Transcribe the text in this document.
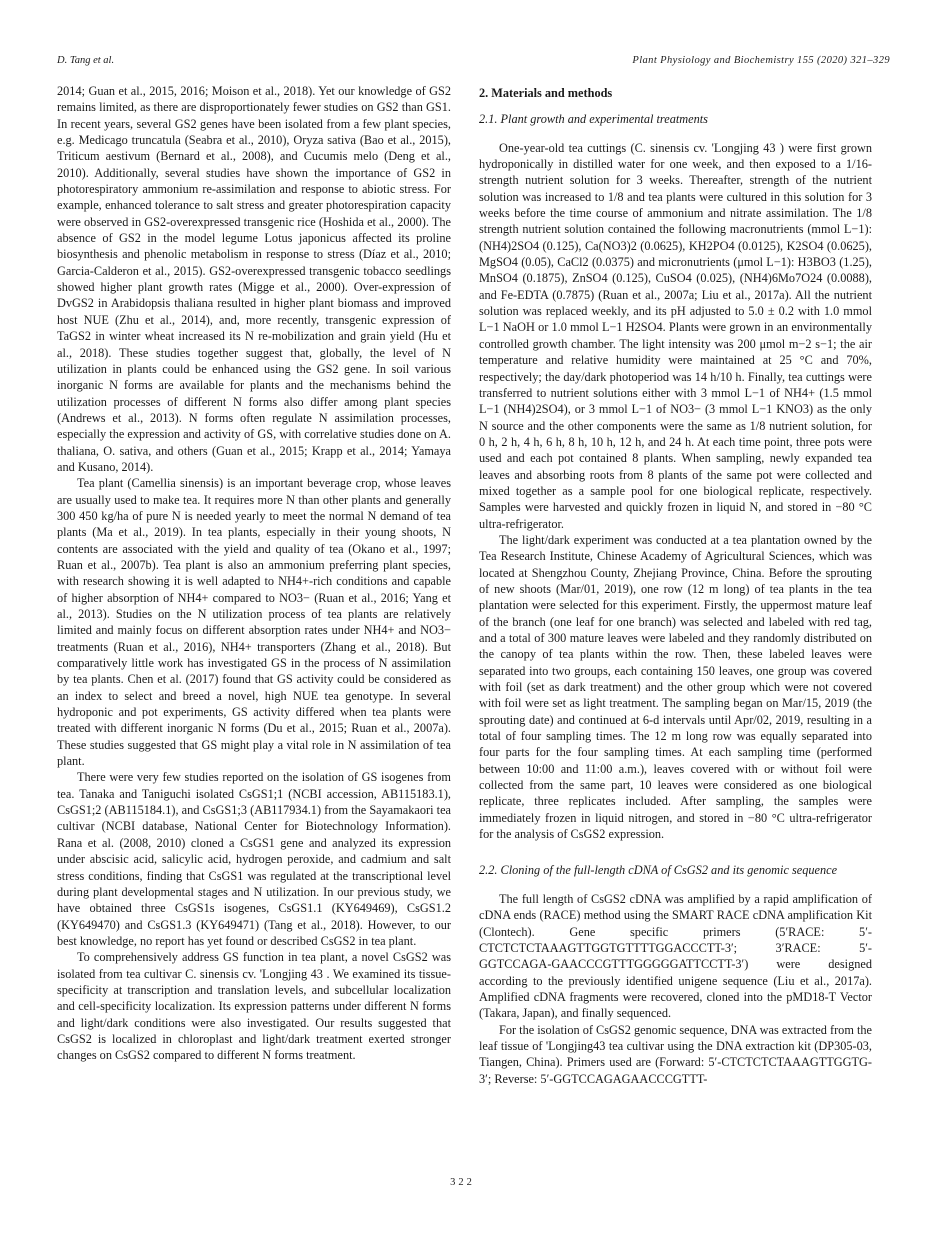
D. Tang et al.	Plant Physiology and Biochemistry 155 (2020) 321–329

2014; Guan et al., 2015, 2016; Moison et al., 2018). Yet our knowledge of GS2 remains limited, as there are disproportionately fewer studies on GS2 than GS1. In recent years, several GS2 genes have been isolated from a few plant species, e.g. Medicago truncatula (Seabra et al., 2010), Oryza sativa (Bao et al., 2015), Triticum aestivum (Bernard et al., 2008), and Cucumis melo (Deng et al., 2010). Additionally, several studies have shown the importance of GS2 in photorespiratory ammonium re-assimilation and response to abiotic stress. For example, enhanced tolerance to salt stress and greater photorespiration capacity were observed in GS2-overexpressed transgenic rice (Hoshida et al., 2000). The absence of GS2 in the model legume Lotus japonicus affected its proline biosynthesis and phenolic metabolism in response to stress (Díaz et al., 2010; Garcia-Calderon et al., 2015). GS2-overexpressed transgenic tobacco seedlings showed higher plant growth rates (Migge et al., 2000). Over-expression of DvGS2 in Arabidopsis thaliana resulted in higher plant biomass and improved host NUE (Zhu et al., 2014), and, more recently, transgenic expression of TaGS2 in winter wheat increased its N re-mobilization and grain yield (Hu et al., 2018). These studies together suggest that, globally, the level of N utilization in plants could be enhanced using the GS2 gene. In soil various inorganic N forms are available for plants and the mechanisms behind the utilization processes of different N forms also differ among plant species (Andrews et al., 2013). N forms often regulate N assimilation processes, especially the expression and activity of GS, with correlative studies done on A. thaliana, O. sativa, and others (Guan et al., 2015; Krapp et al., 2014; Yamaya and Kusano, 2014).

Tea plant (Camellia sinensis) is an important beverage crop, whose leaves are usually used to make tea. It requires more N than other plants and generally 300 450 kg/ha of pure N is needed yearly to meet the normal N demand of tea plants (Ma et al., 2019). In tea plants, especially in their young shoots, N contents are associated with the yield and quality of tea (Okano et al., 1997; Ruan et al., 2007b). Tea plant is also an ammonium preferring plant species, with research showing it is well adapted to NH4+-rich conditions and capable of higher absorption of NH4+ compared to NO3− (Ruan et al., 2016; Yang et al., 2013). Studies on the N utilization process of tea plants are relatively limited and mainly focus on different absorption rates under NH4+ and NO3− treatments (Ruan et al., 2016), NH4+ transporters (Zhang et al., 2018). But comparatively little work has investigated GS in the process of N assimilation by tea plants. Chen et al. (2017) found that GS activity could be considered as an index to select and breed a novel, high NUE tea genotype. In several hydroponic and pot experiments, GS activity differed when tea plants were treated with different inorganic N forms (Du et al., 2015; Ruan et al., 2007a). These studies suggested that GS might play a vital role in N assimilation of tea plant.

There were very few studies reported on the isolation of GS isogenes from tea. Tanaka and Taniguchi isolated CsGS1;1 (NCBI accession, AB115183.1), CsGS1;2 (AB115184.1), and CsGS1;3 (AB117934.1) from the Sayamakaori tea cultivar (NCBI database, National Center for Biotechnology Information). Rana et al. (2008, 2010) cloned a CsGS1 gene and analyzed its expression under abscisic acid, salicylic acid, hydrogen peroxide, and cadmium and salt stress conditions, finding that CsGS1 was regulated at the transcriptional level during plant developmental stages and N utilization. In our previous study, we have obtained three CsGS1s isogenes, CsGS1.1 (KY649469), CsGS1.2 (KY649470) and CsGS1.3 (KY649471) (Tang et al., 2018). However, to our best knowledge, no report has yet found or described CsGS2 in tea plant.

To comprehensively address GS function in tea plant, a novel CsGS2 was isolated from tea cultivar C. sinensis cv. 'Longjing 43 . We examined its tissue-specificity at transcription and translation levels, and subcellular localization and cell-specificity localization. Its expression patterns under different N forms and light/dark conditions were also investigated. Our results suggested that CsGS2 is localized in chloroplast and light/dark treatment exerted stronger changes on CsGS2 compared to different N forms treatment.

2. Materials and methods
2.1. Plant growth and experimental treatments

One-year-old tea cuttings (C. sinensis cv. 'Longjing 43 ) were first grown hydroponically in distilled water for one week, and then exposed to a 1/16-strength nutrient solution for 3 weeks. Thereafter, strength of the nutrient solution was increased to 1/8 and tea plants were cultured in this solution for 3 weeks before the time course of ammonium and nitrate assimilation. The 1/8 strength nutrient solution contained the following macronutrients (mmol L−1): (NH4)2SO4 (0.125), Ca(NO3)2 (0.0625), KH2PO4 (0.0125), K2SO4 (0.0625), MgSO4 (0.05), CaCl2 (0.0375) and micronutrients (μmol L−1): H3BO3 (1.25), MnSO4 (0.1875), ZnSO4 (0.125), CuSO4 (0.025), (NH4)6Mo7O24 (0.0088), and Fe-EDTA (0.7875) (Ruan et al., 2007a; Liu et al., 2017a). All the nutrient solution was replaced weekly, and its pH adjusted to 5.0 ± 0.2 with 1.0 mmol L−1 NaOH or 1.0 mmol L−1 H2SO4. Plants were grown in an environmentally controlled growth chamber. The light intensity was 200 μmol m−2 s−1; the air temperature and relative humidity were maintained at 25 °C and 70%, respectively; the day/dark photoperiod was 14 h/10 h. Finally, tea cuttings were transferred to nutrient solutions either with 3 mmol L−1 of NH4+ (1.5 mmol L−1 (NH4)2SO4), or 3 mmol L−1 of NO3− (3 mmol L−1 KNO3) as the only N source and the other components were the same as 1/8 nutrient solution, for 0 h, 2 h, 4 h, 6 h, 8 h, 10 h, 12 h, and 24 h. At each time point, three pots were used and each pot contained 8 plants. When sampling, newly expanded tea leaves and absorbing roots from 8 plants of the same pot were collected and mixed together as a sample pool for one biological replicate, respectively. Samples were harvested and quickly frozen in liquid N, and stored in −80 °C ultra-refrigerator.

The light/dark experiment was conducted at a tea plantation owned by the Tea Research Institute, Chinese Academy of Agricultural Sciences, which was located at Shengzhou County, Zhejiang Province, China. Before the sprouting of new shoots (Mar/01, 2019), one row (12 m long) of tea plants in the tea plantation were selected for this experiment. Firstly, the uppermost mature leaf of the branch (one leaf for one branch) was selected and labeled with red tag, and a total of 300 mature leaves were labeled and they randomly distributed on the canopy of tea plants within the row. Then, these labeled leaves were separated into two groups, each containing 150 leaves, one group was covered with foil (set as dark treatment) and the other group which were not covered with foil were set as light treatment. The sampling began on Mar/15, 2019 (the sprouting date) and continued at 6-d intervals until Apr/02, 2019, resulting in a total of four sampling times. The 12 m long row was equally separated into four parts for the four sampling times. At each sampling time (performed between 10:00 and 11:00 a.m.), leaves covered with or without foil were collected from the same part, 10 leaves were considered as one biological replicate, three replicates included. After sampling, the samples were immediately frozen in liquid nitrogen, and stored in −80 °C ultra-refrigerator for the analysis of CsGS2 expression.

2.2. Cloning of the full-length cDNA of CsGS2 and its genomic sequence

The full length of CsGS2 cDNA was amplified by a rapid amplification of cDNA ends (RACE) method using the SMART RACE cDNA amplification Kit (Clontech). Gene specific primers (5′RACE: 5′-CTCTCTCTAAAGTTGGTGTTTTGGACCCTT-3′; 3′RACE: 5′-GGTCCAGA-GAACCCGTTTGGGGGATTCCTT-3′) were designed according to the previously identified unigene sequence (Liu et al., 2017a). Amplified cDNA fragments were recovered, cloned into the pMD18-T Vector (Takara, Japan), and finally sequenced.

For the isolation of CsGS2 genomic sequence, DNA was extracted from the leaf tissue of 'Longjing43 tea cultivar using the DNA extraction kit (DP305-03, Tiangen, China). Primers used are (Forward: 5′-CTCTCTCTAAAGTTGGTG-3′; Reverse: 5′-GGTCCAGAGAACCCGTTT-

322
